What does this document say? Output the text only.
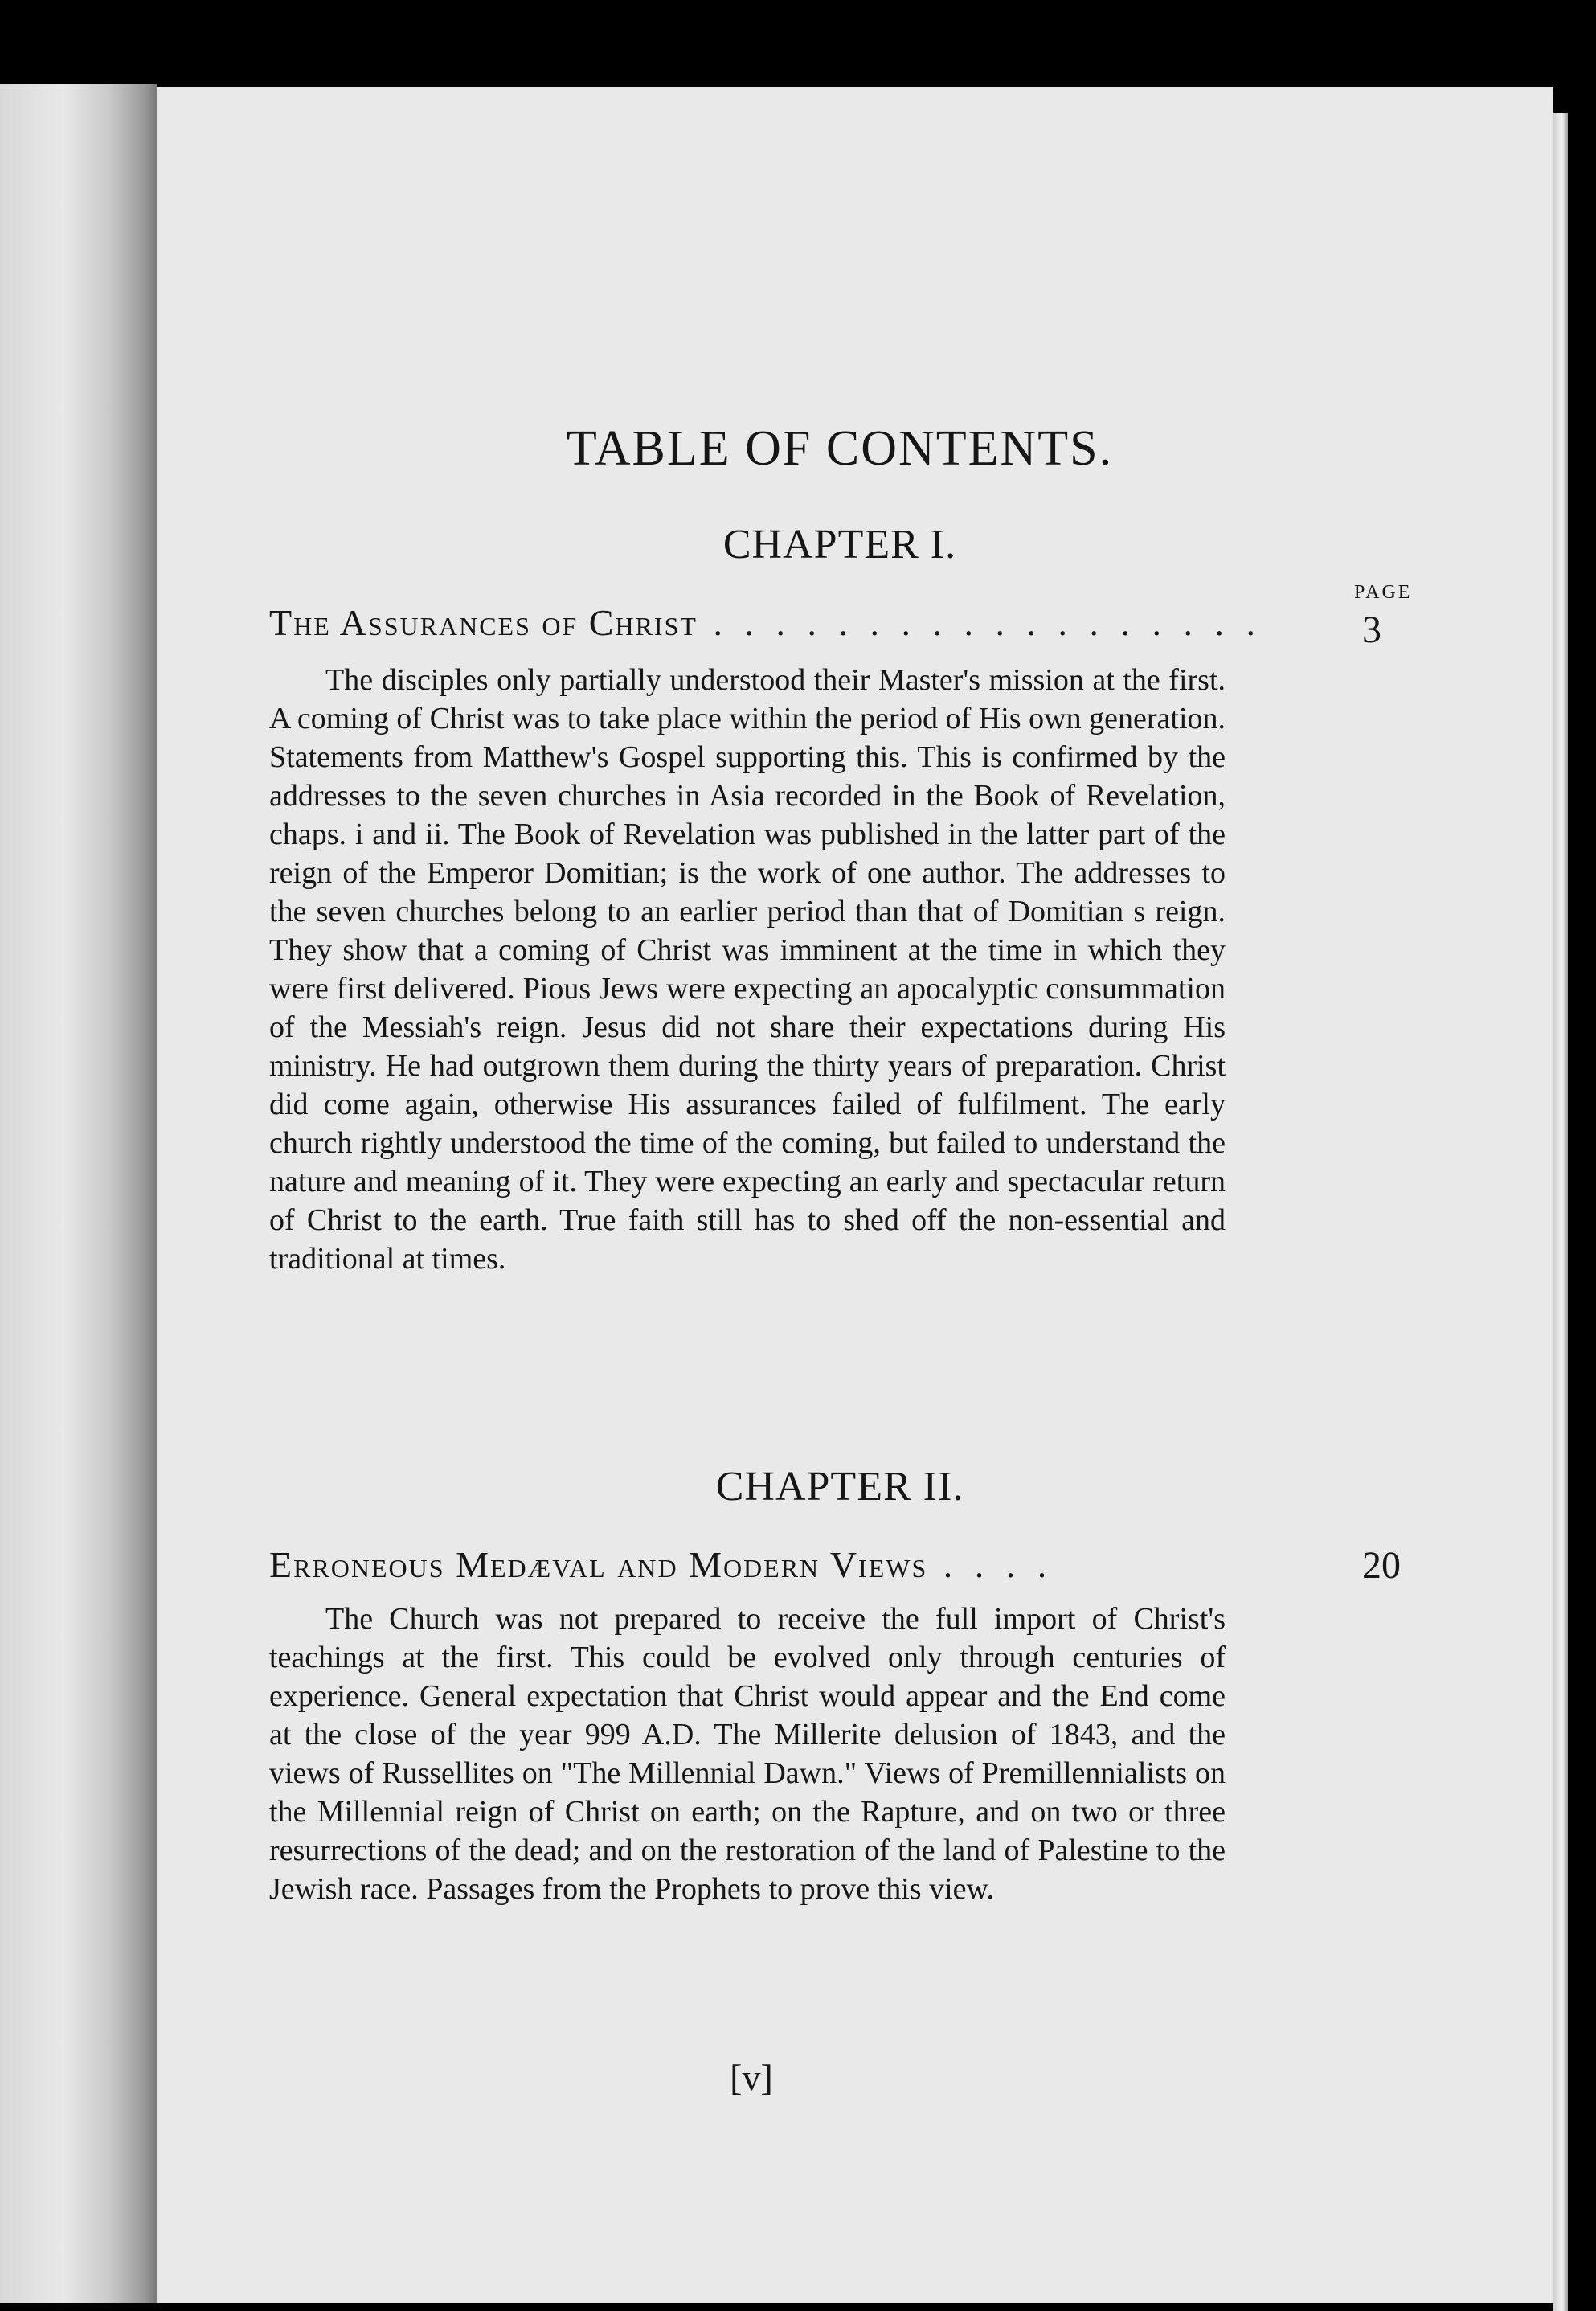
TABLE OF CONTENTS.
CHAPTER I.
PAGE
The Assurances of Christ . . . . . . . . . . . . . . . . . .	3

The disciples only partially understood their Master's mission at the first. A coming of Christ was to take place within the period of His own generation. Statements from Matthew's Gospel supporting this. This is confirmed by the addresses to the seven churches in Asia recorded in the Book of Revelation, chaps. i and ii. The Book of Revelation was published in the latter part of the reign of the Emperor Domitian; is the work of one author. The addresses to the seven churches belong to an earlier period than that of Domitian s reign. They show that a coming of Christ was imminent at the time in which they were first delivered. Pious Jews were expecting an apocalyptic consummation of the Messiah's reign. Jesus did not share their expectations during His ministry. He had outgrown them during the thirty years of preparation. Christ did come again, otherwise His assurances failed of fulfilment. The early church rightly understood the time of the coming, but failed to understand the nature and meaning of it. They were expecting an early and spectacular return of Christ to the earth. True faith still has to shed off the non-essential and traditional at times.

CHAPTER II.
Erroneous Medæval and Modern Views . . . .	20

The Church was not prepared to receive the full import of Christ's teachings at the first. This could be evolved only through centuries of experience. General expectation that Christ would appear and the End come at the close of the year 999 A.D. The Millerite delusion of 1843, and the views of Russellites on "The Millennial Dawn." Views of Premillennialists on the Millennial reign of Christ on earth; on the Rapture, and on two or three resurrections of the dead; and on the restoration of the land of Palestine to the Jewish race. Passages from the Prophets to prove this view.

[v]
